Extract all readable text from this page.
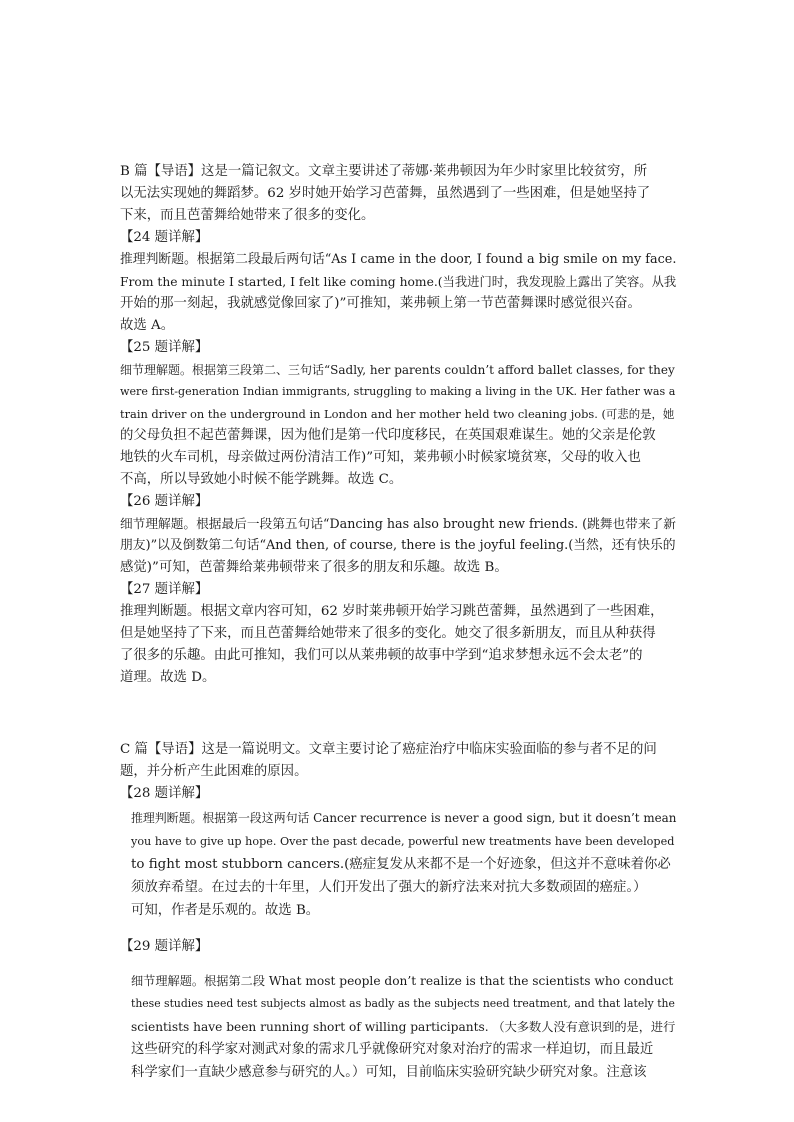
B 篇【导语】这是一篇记叙文。文章主要讲述了蒂娜·莱弗顿因为年少时家里比较贫穷，所
以无法实现她的舞蹈梦。62 岁时她开始学习芭蕾舞，虽然遇到了一些困难，但是她坚持了
下来，而且芭蕾舞给她带来了很多的变化。
【24 题详解】
推理判断题。根据第二段最后两句话“As I came in the door, I found a big smile on my face.
From the minute I started, I felt like coming home.(当我进门时，我发现脸上露出了笑容。从我
开始的那一刻起，我就感觉像回家了)”可推知，莱弗顿上第一节芭蕾舞课时感觉很兴奋。
故选 A。
【25 题详解】
细节理解题。根据第三段第二、三句话“Sadly, her parents couldn’t afford ballet classes, for they
were first-generation Indian immigrants, struggling to making a living in the UK. Her father was a
train driver on the underground in London and her mother held two cleaning jobs. (可悲的是，她
的父母负担不起芭蕾舞课，因为他们是第一代印度移民，在英国艰难谋生。她的父亲是伦敦
地铁的火车司机，母亲做过两份清洁工作)”可知，莱弗顿小时候家境贫寒，父母的收入也
不高，所以导致她小时候不能学跳舞。故选 C。
【26 题详解】
细节理解题。根据最后一段第五句话“Dancing has also brought new friends. (跳舞也带来了新
朋友)”以及倒数第二句话“And then, of course, there is the joyful feeling.(当然，还有快乐的
感觉)”可知，芭蕾舞给莱弗顿带来了很多的朋友和乐趣。故选 B。
【27 题详解】
推理判断题。根据文章内容可知，62 岁时莱弗顿开始学习跳芭蕾舞，虽然遇到了一些困难，
但是她坚持了下来，而且芭蕾舞给她带来了很多的变化。她交了很多新朋友，而且从种获得
了很多的乐趣。由此可推知，我们可以从莱弗顿的故事中学到“追求梦想永远不会太老”的
道理。故选 D。
C 篇【导语】这是一篇说明文。文章主要讨论了癌症治疗中临床实验面临的参与者不足的问
题，并分析产生此困难的原因。
【28 题详解】
推理判断题。根据第一段这两句话 Cancer recurrence is never a good sign, but it doesn’t mean
you have to give up hope. Over the past decade, powerful new treatments have been developed
to fight most stubborn cancers.(癌症复发从来都不是一个好迹象，但这并不意味着你必
须放弃希望。在过去的十年里，人们开发出了强大的新疗法来对抗大多数顽固的癌症。）
可知，作者是乐观的。故选 B。
【29 题详解】
细节理解题。根据第二段 What most people don’t realize is that the scientists who conduct
these studies need test subjects almost as badly as the subjects need treatment, and that lately the
scientists have been running short of willing participants. （大多数人没有意识到的是，进行
这些研究的科学家对测武对象的需求几乎就像研究对象对治疗的需求一样迫切，而且最近
科学家们一直缺少感意参与研究的人。）可知，目前临床实验研究缺少研究对象。注意该
